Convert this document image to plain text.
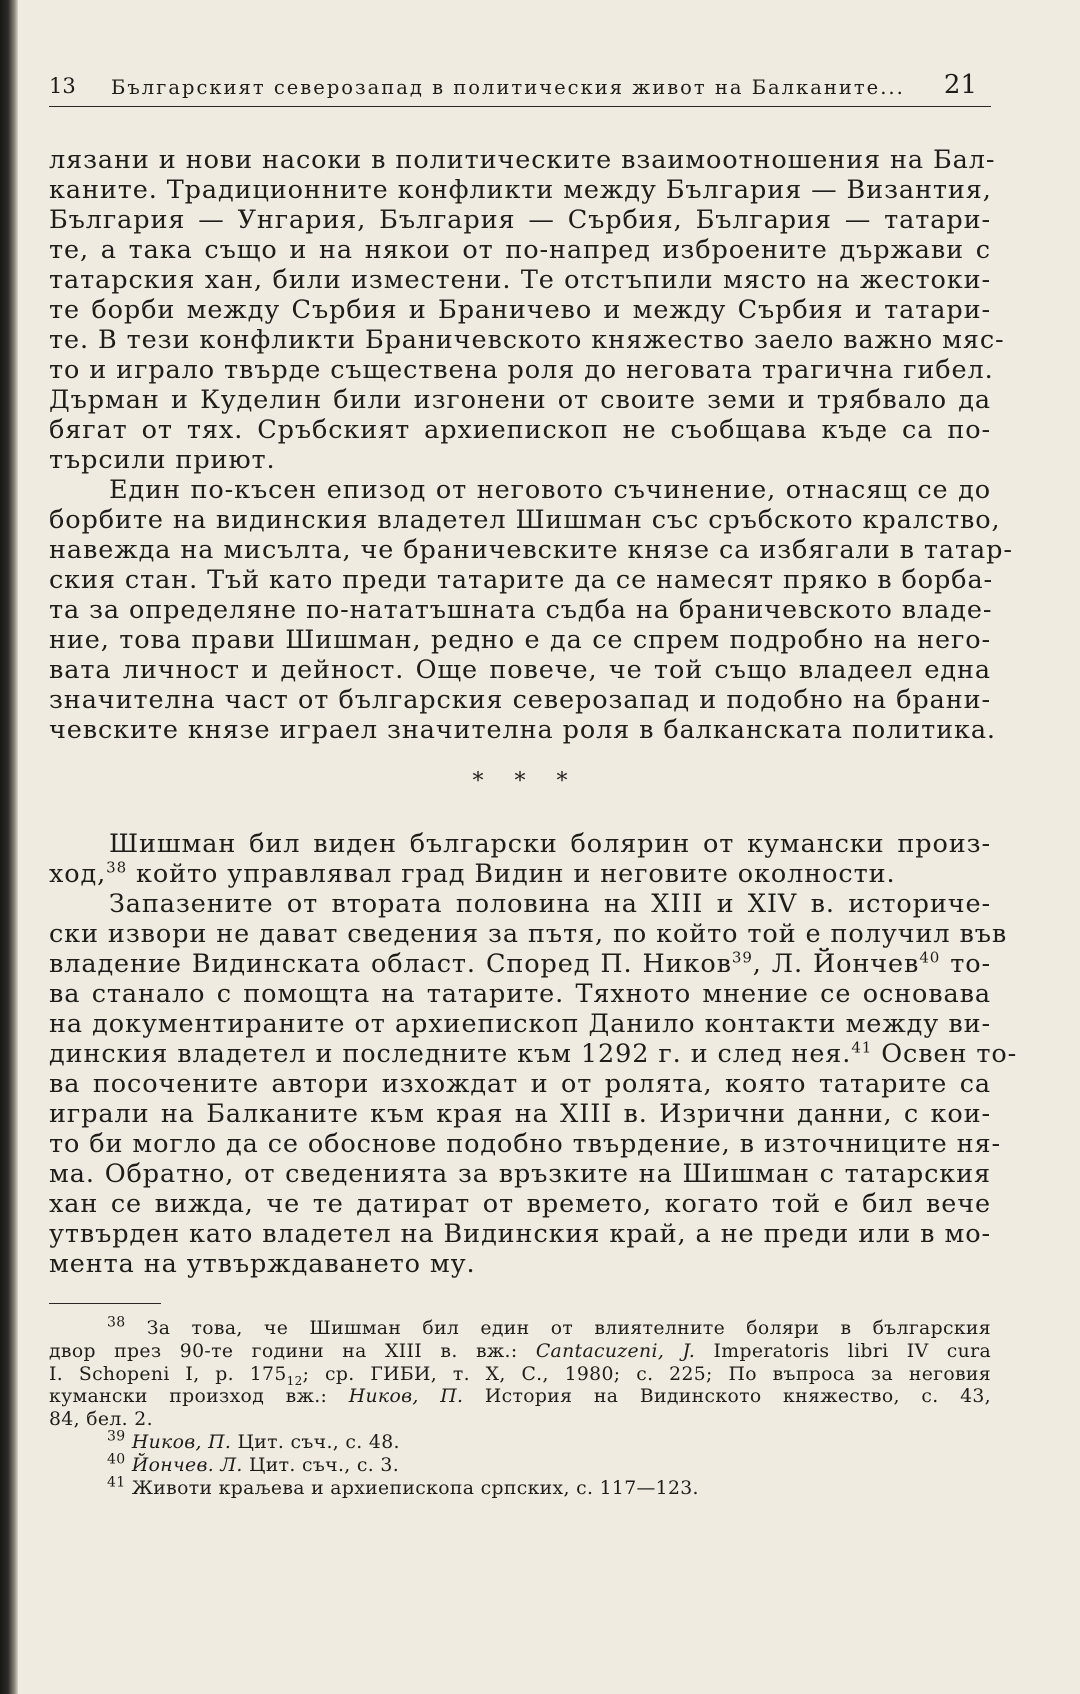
13 Българският северозапад в политическия живот на Балканите... 21
лязани и нови насоки в политическите взаимоотношения на Бал-
каните. Традиционните конфликти между България — Византия,
България — Унгария, България — Сърбия, България — татари-
те, а така също и на някои от по-напред изброените държави с
татарския хан, били изместени. Те отстъпили място на жестоки-
те борби между Сърбия и Браничево и между Сърбия и татари-
те. В тези конфликти Браничевското княжество заело важно мяс-
то и играло твърде съществена роля до неговата трагична гибел.
Дърман и Куделин били изгонени от своите земи и трябвало да
бягат от тях. Сръбският архиепископ не съобщава къде са по-
търсили приют.
Един по-късен епизод от неговото съчинение, отнасящ се до
борбите на видинския владетел Шишман със сръбското кралство,
навежда на мисълта, че браничевските князе са избягали в татар-
ския стан. Тъй като преди татарите да се намесят пряко в борба-
та за определяне по-нататъшната съдба на браничевското владе-
ние, това прави Шишман, редно е да се спрем подробно на него-
вата личност и дейност. Още повече, че той също владеел една
значителна част от българския северозапад и подобно на брани-
чевските князе играел значителна роля в балканската политика.
* * *
Шишман бил виден български болярин от кумански произ-
ход,$^{38}$ който управлявал град Видин и неговите околности.
Запазените от втората половина на XIII и XIV в. историче-
ски извори не дават сведения за пътя, по който той е получил във
владение Видинската област. Според П. Ников$^{39}$, Л. Йончев$^{40}$ то-
ва станало с помощта на татарите. Тяхното мнение се основава
на документираните от архиепископ Данило контакти между ви-
динския владетел и последните към 1292 г. и след нея.$^{41}$ Освен то-
ва посочените автори изхождат и от ролята, която татарите са
играли на Балканите към края на XIII в. Изрични данни, с кои-
то би могло да се обоснове подобно твърдение, в източниците ня-
ма. Обратно, от сведенията за връзките на Шишман с татарския
хан се вижда, че те датират от времето, когато той е бил вече
утвърден като владетел на Видинския край, а не преди или в мо-
мента на утвърждаването му.
$^{38}$ За това, че Шишман бил един от влиятелните боляри в българския
двор през 90-те години на XIII в. вж.: Cantacuzeni, J. Imperatoris libri IV cura
I. Schopeni I, p. $175_{12}$; ср. ГИБИ, т. X, С., 1980; с. 225; По въпроса за неговия
кумански произход вж.: Ников, П. История на Видинското княжество, с. 43,
84, бел. 2.
$^{39}$ Ников, П. Цит. съч., с. 48.
$^{40}$ Йончев. Л. Цит. съч., с. 3.
$^{41}$ Животи краљева и архиепископа српских, с. 117—123.
